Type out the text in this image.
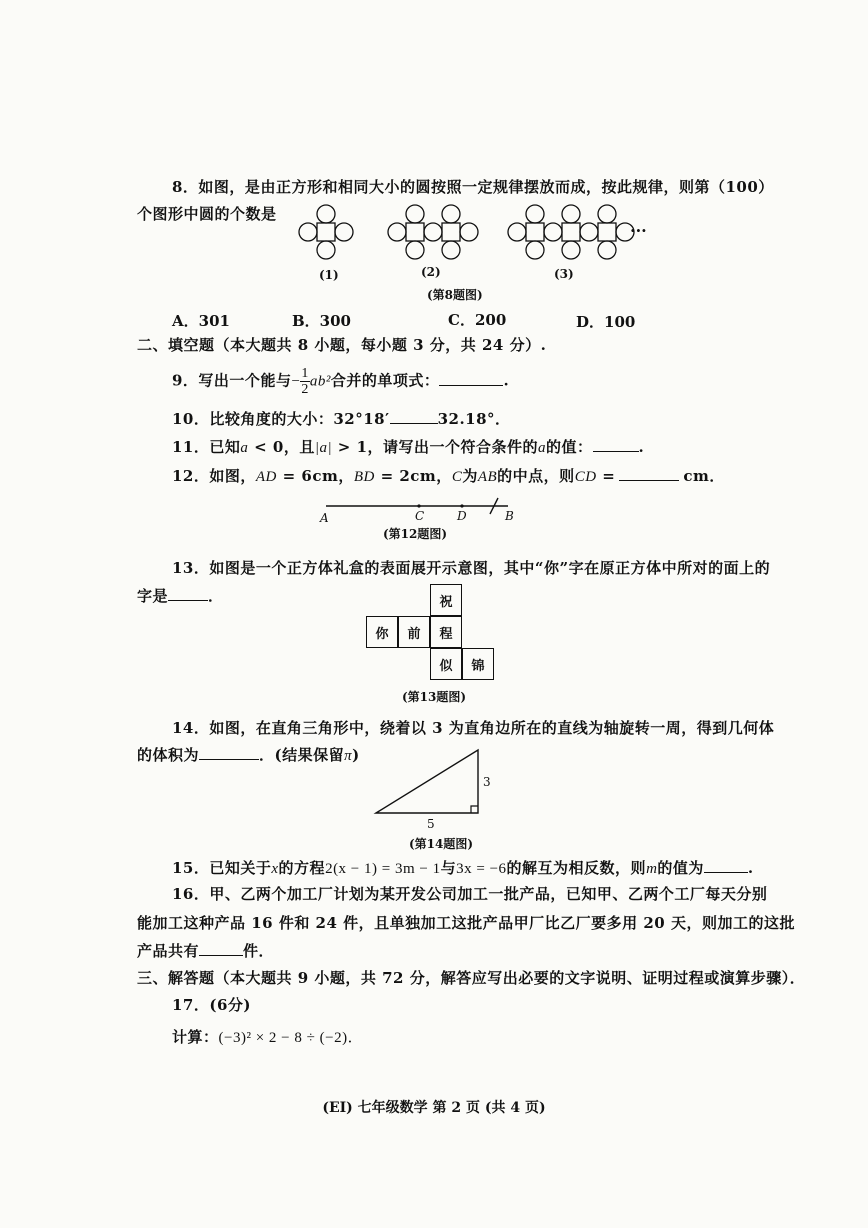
8．如图，是由正方形和相同大小的圆按照一定规律摆放而成，按此规律，则第（100）
个图形中圆的个数是
···
(1)	(2)	(3)
(第8题图)
A．301	B．300	C．200	D．100
二、填空题（本大题共 8 小题，每小题 3 分，共 24 分）.
9．写出一个能与− $\frac{1}{2} ab^2$合并的单项式：	.
10．比较角度的大小：32°18′	32.18°．
11．已知a < 0，且|a| > 1，请写出一个符合条件的a的值：	.
12．如图，AD = 6cm，BD = 2cm，C为AB的中点，则CD =	cm．
A	C	D	B
(第12题图)
13．如图是一个正方体礼盒的表面展开示意图，其中“你”字在原正方体中所对的面上的
字是	．
你	前
祝
程
似	锦
(第13题图)
14．如图，在直角三角形中，绕着以 3 为直角边所在的直线为轴旋转一周，得到几何体
的体积为	．(结果保留π)
3
5
(第14题图)
15．已知关于x的方程2(x − 1) = 3m − 1与3x = −6的解互为相反数，则m的值为	.
16．甲、乙两个加工厂计划为某开发公司加工一批产品，已知甲、乙两个工厂每天分别
能加工这种产品 16 件和 24 件，且单独加工这批产品甲厂比乙厂要多用 20 天，则加工的这批
产品共有	件．
三、解答题（本大题共 9 小题，共 72 分，解答应写出必要的文字说明、证明过程或演算步骤）．
17．(6分)
计算：(−3)² × 2 − 8 ÷ (−2)．
(EI) 七年级数学 第 2 页 (共 4 页)
